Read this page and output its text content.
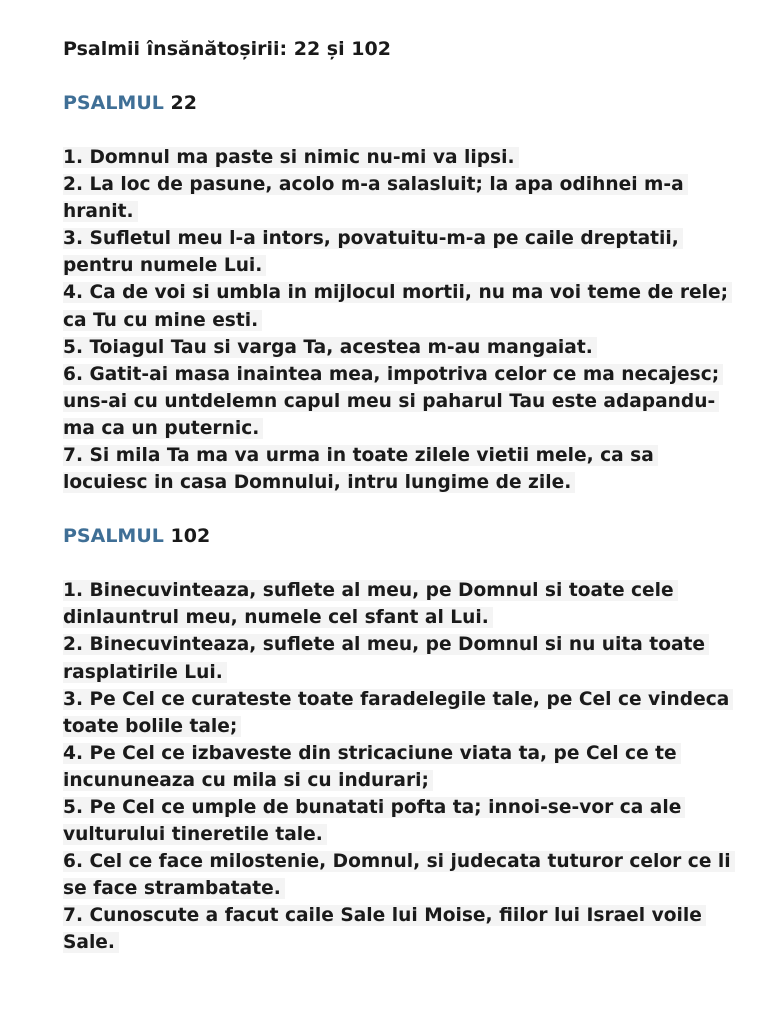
Psalmii însănătoșirii: 22 și 102
PSALMUL 22
1. Domnul ma paste si nimic nu-mi va lipsi.
2. La loc de pasune, acolo m-a salasluit; la apa odihnei m-a hranit.
3. Sufletul meu l-a intors, povatuitu-m-a pe caile dreptatii, pentru numele Lui.
4. Ca de voi si umbla in mijlocul mortii, nu ma voi teme de rele; ca Tu cu mine esti.
5. Toiagul Tau si varga Ta, acestea m-au mangaiat.
6. Gatit-ai masa inaintea mea, impotriva celor ce ma necajesc; uns-ai cu untdelemn capul meu si paharul Tau este adapandu-ma ca un puternic.
7. Si mila Ta ma va urma in toate zilele vietii mele, ca sa locuiesc in casa Domnului, intru lungime de zile.
PSALMUL 102
1. Binecuvinteaza, suflete al meu, pe Domnul si toate cele dinlauntrul meu, numele cel sfant al Lui.
2. Binecuvinteaza, suflete al meu, pe Domnul si nu uita toate rasplatirile Lui.
3. Pe Cel ce curateste toate faradelegile tale, pe Cel ce vindeca toate bolile tale;
4. Pe Cel ce izbaveste din stricaciune viata ta, pe Cel ce te incununeaza cu mila si cu indurari;
5. Pe Cel ce umple de bunatati pofta ta; innoi-se-vor ca ale vulturului tineretile tale.
6. Cel ce face milostenie, Domnul, si judecata tuturor celor ce li se face strambatate.
7. Cunoscute a facut caile Sale lui Moise, fiilor lui Israel voile Sale.
